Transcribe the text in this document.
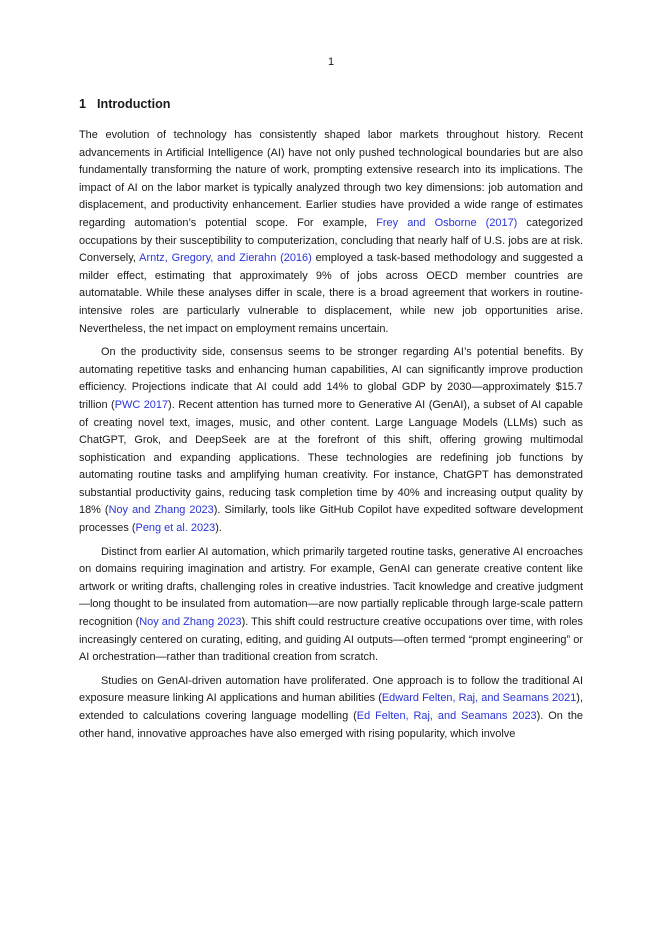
1
1 Introduction

The evolution of technology has consistently shaped labor markets throughout history. Recent advancements in Artificial Intelligence (AI) have not only pushed technological boundaries but are also fundamentally transforming the nature of work, prompting extensive research into its implications. The impact of AI on the labor market is typically analyzed through two key dimensions: job automation and displacement, and productivity enhancement. Earlier studies have provided a wide range of estimates regarding automation’s potential scope. For example, Frey and Osborne (2017) categorized occupations by their susceptibility to computerization, concluding that nearly half of U.S. jobs are at risk. Conversely, Arntz, Gregory, and Zierahn (2016) employed a task-based methodology and suggested a milder effect, estimating that approximately 9% of jobs across OECD member countries are automatable. While these analyses differ in scale, there is a broad agreement that workers in routine-intensive roles are particularly vulnerable to displacement, while new job opportunities arise. Nevertheless, the net impact on employment remains uncertain.

On the productivity side, consensus seems to be stronger regarding AI’s potential benefits. By automating repetitive tasks and enhancing human capabilities, AI can significantly improve production efficiency. Projections indicate that AI could add 14% to global GDP by 2030—approximately $15.7 trillion (PWC 2017). Recent attention has turned more to Generative AI (GenAI), a subset of AI capable of creating novel text, images, music, and other content. Large Language Models (LLMs) such as ChatGPT, Grok, and DeepSeek are at the forefront of this shift, offering growing multimodal sophistication and expanding applications. These technologies are redefining job functions by automating routine tasks and amplifying human creativity. For instance, ChatGPT has demonstrated substantial productivity gains, reducing task completion time by 40% and increasing output quality by 18% (Noy and Zhang 2023). Similarly, tools like GitHub Copilot have expedited software development processes (Peng et al. 2023).

Distinct from earlier AI automation, which primarily targeted routine tasks, generative AI encroaches on domains requiring imagination and artistry. For example, GenAI can generate creative content like artwork or writing drafts, challenging roles in creative industries. Tacit knowledge and creative judgment—long thought to be insulated from automation—are now partially replicable through large-scale pattern recognition (Noy and Zhang 2023). This shift could restructure creative occupations over time, with roles increasingly centered on curating, editing, and guiding AI outputs—often termed “prompt engineering” or AI orchestration—rather than traditional creation from scratch.

Studies on GenAI-driven automation have proliferated. One approach is to follow the traditional AI exposure measure linking AI applications and human abilities (Edward Felten, Raj, and Seamans 2021), extended to calculations covering language modelling (Ed Felten, Raj, and Seamans 2023). On the other hand, innovative approaches have also emerged with rising popularity, which involve
